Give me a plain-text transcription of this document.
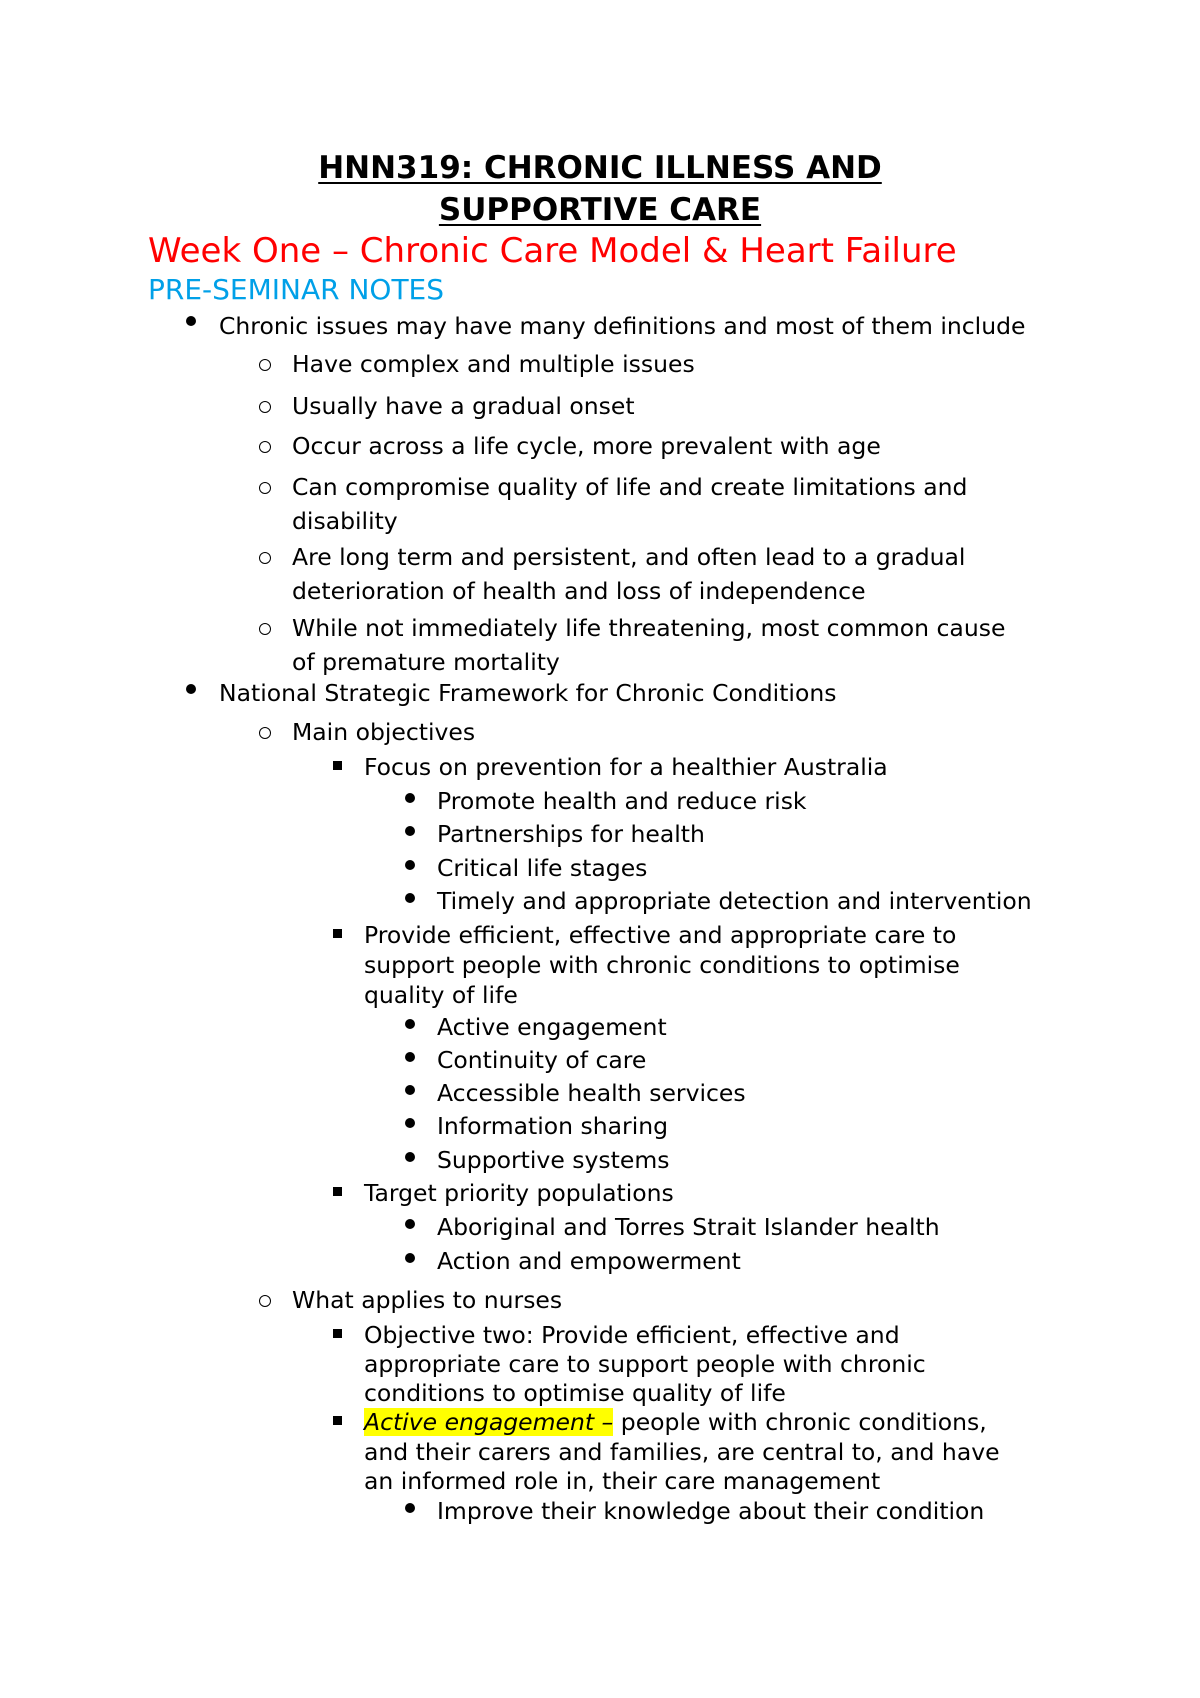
HNN319: CHRONIC ILLNESS AND
SUPPORTIVE CARE
Week One – Chronic Care Model & Heart Failure
PRE-SEMINAR NOTES
Chronic issues may have many definitions and most of them include
Have complex and multiple issues
Usually have a gradual onset
Occur across a life cycle, more prevalent with age
Can compromise quality of life and create limitations and
disability
Are long term and persistent, and often lead to a gradual
deterioration of health and loss of independence
While not immediately life threatening, most common cause
of premature mortality
National Strategic Framework for Chronic Conditions
Main objectives
Focus on prevention for a healthier Australia
Promote health and reduce risk
Partnerships for health
Critical life stages
Timely and appropriate detection and intervention
Provide efficient, effective and appropriate care to
support people with chronic conditions to optimise
quality of life
Active engagement
Continuity of care
Accessible health services
Information sharing
Supportive systems
Target priority populations
Aboriginal and Torres Strait Islander health
Action and empowerment
What applies to nurses
Objective two: Provide efficient, effective and
appropriate care to support people with chronic
conditions to optimise quality of life
Active engagement – people with chronic conditions,
and their carers and families, are central to, and have
an informed role in, their care management
Improve their knowledge about their condition
